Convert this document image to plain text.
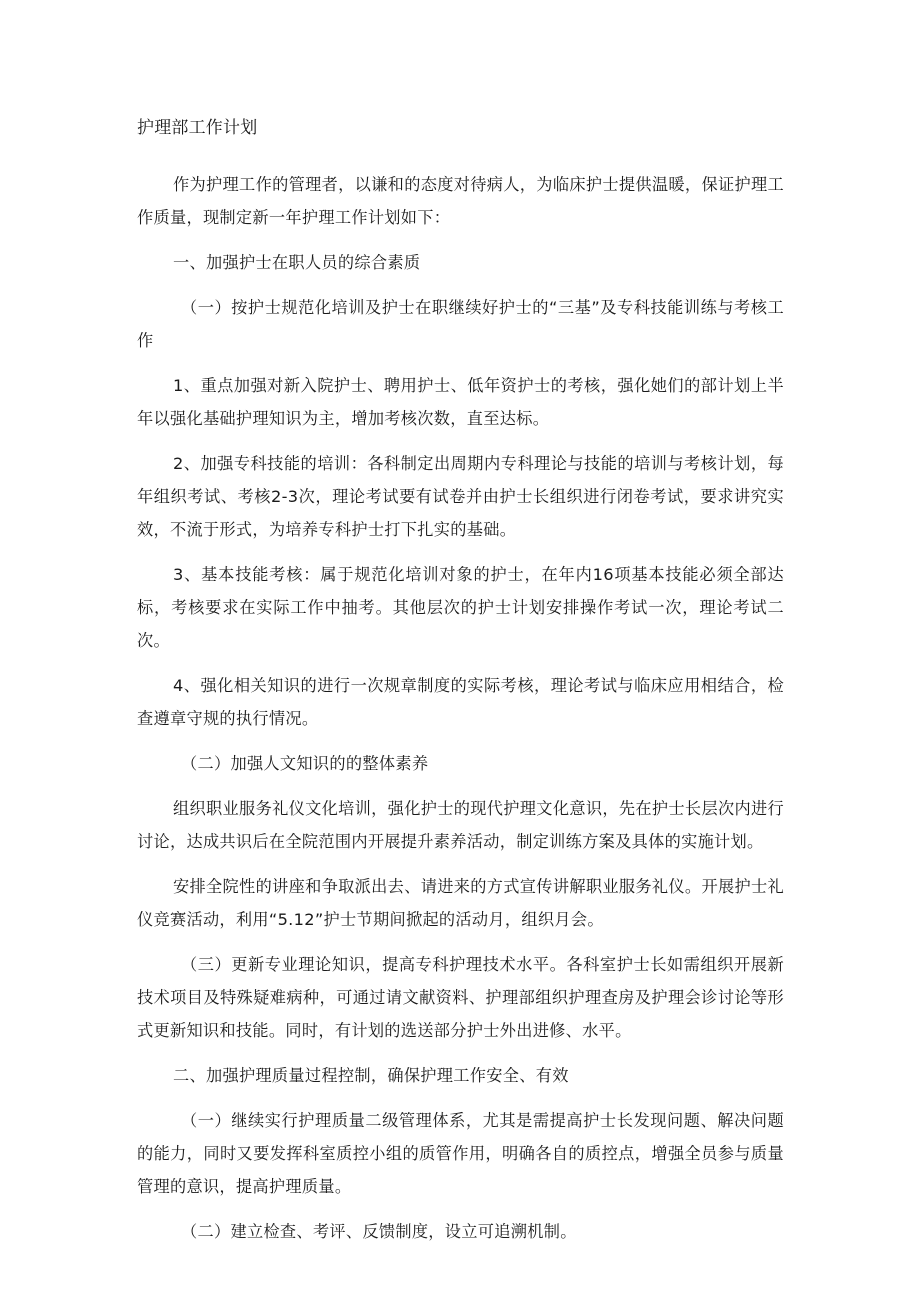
护理部工作计划

作为护理工作的管理者，以谦和的态度对待病人，为临床护士提供温暖，保证护理工作质量，现制定新一年护理工作计划如下：

一、加强护士在职人员的综合素质

（一）按护士规范化培训及护士在职继续好护士的“三基”及专科技能训练与考核工作

1、重点加强对新入院护士、聘用护士、低年资护士的考核，强化她们的部计划上半年以强化基础护理知识为主，增加考核次数，直至达标。

2、加强专科技能的培训：各科制定出周期内专科理论与技能的培训与考核计划，每年组织考试、考核2-3次，理论考试要有试卷并由护士长组织进行闭卷考试，要求讲究实效，不流于形式，为培养专科护士打下扎实的基础。

3、基本技能考核：属于规范化培训对象的护士，在年内16项基本技能必须全部达标，考核要求在实际工作中抽考。其他层次的护士计划安排操作考试一次，理论考试二次。

4、强化相关知识的进行一次规章制度的实际考核，理论考试与临床应用相结合，检查遵章守规的执行情况。

（二）加强人文知识的的整体素养

组织职业服务礼仪文化培训，强化护士的现代护理文化意识，先在护士长层次内进行讨论，达成共识后在全院范围内开展提升素养活动，制定训练方案及具体的实施计划。

安排全院性的讲座和争取派出去、请进来的方式宣传讲解职业服务礼仪。开展护士礼仪竞赛活动，利用“5.12”护士节期间掀起的活动月，组织月会。

（三）更新专业理论知识，提高专科护理技术水平。各科室护士长如需组织开展新技术项目及特殊疑难病种，可通过请文献资料、护理部组织护理查房及护理会诊讨论等形式更新知识和技能。同时，有计划的选送部分护士外出进修、水平。

二、加强护理质量过程控制，确保护理工作安全、有效

（一）继续实行护理质量二级管理体系，尤其是需提高护士长发现问题、解决问题的能力，同时又要发挥科室质控小组的质管作用，明确各自的质控点，增强全员参与质量管理的意识，提高护理质量。

（二）建立检查、考评、反馈制度，设立可追溯机制。
